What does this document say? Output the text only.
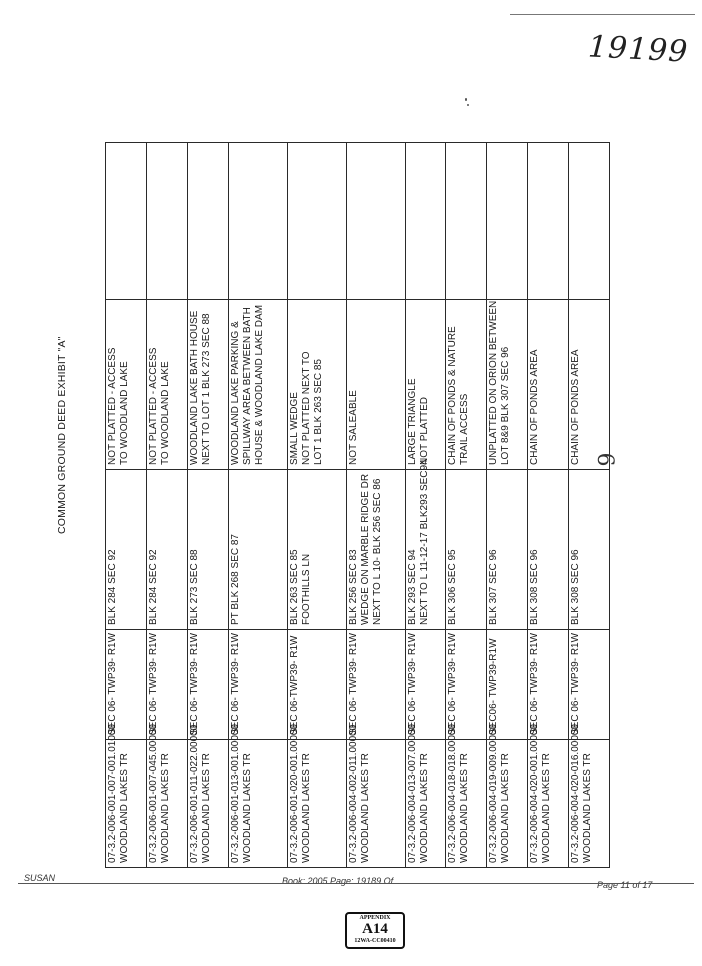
19199
COMMON GROUND DEED EXHIBIT "A"
07-3.2-006-001-007-001.01000 WOODLAND LAKES TR	SEC 06- TWP39- R1W	BLK 284 SEC 92	NOT PLATTED - ACCESS TO WOODLAND LAKE	

07-3.2-006-001-007-045.00000 WOODLAND LAKES TR	SEC 06- TWP39- R1W	BLK 284 SEC 92	NOT PLATTED - ACCESS TO WOODLAND LAKE	

07-3.2-006-001-011-022.00000 WOODLAND LAKES TR	SEC 06- TWP39- R1W	BLK 273 SEC 88	WOODLAND LAKE BATH HOUSE NEXT TO LOT 1 BLK 273 SEC 88	

07-3.2-006-001-013-001.00000 WOODLAND LAKES TR	SEC 06- TWP39- R1W	PT BLK 268 SEC 87	WOODLAND LAKE PARKING & SPILLWAY AREA BETWEEN BATH HOUSE & WOODLAND LAKE DAM	

07-3.2-006-001-020-001.00000 WOODLAND LAKES TR	SEC 06-TWP39- R1W	BLK 263 SEC 85 FOOTHILLS LN	SMALL WEDGE NOT PLATTED NEXT TO LOT 1 BLK 263 SEC 85	

07-3.2-006-004-002-011.00000 WOODLAND LAKES TR	SEC 06- TWP39- R1W	BLK 256 SEC 83 WEDGE ON MARBLE RIDGE DR NEXT TO L 10- BLK 256 SEC 86	NOT SALEABLE	

07-3.2-006-004-013-007.00000 WOODLAND LAKES TR	SEC 06- TWP39- R1W	BLK 293 SEC 94 NEXT TO L 11-12-17 BLK293 SEC94	LARGE TRIANGLE NOT PLATTED	

07-3.2-006-004-018-018.00000 WOODLAND LAKES TR	SEC 06- TWP39- R1W	BLK 306 SEC 95	CHAIN OF PONDS & NATURE TRAIL ACCESS	

07-3.2-006-004-019-009.00000 WOODLAND LAKES TR	SEC06- TWP39-R1W	BLK 307 SEC 96	UNPLATTED ON ORION BETWEEN LOT 8&9 BLK 307 SEC 96	

07-3.2-006-004-020-001.00000 WOODLAND LAKES TR	SEC 06- TWP39- R1W	BLK 308 SEC 96	CHAIN OF PONDS AREA	

07-3.2-006-004-020-016.00000 WOODLAND LAKES TR	SEC 06- TWP39- R1W	BLK 308 SEC 96	CHAIN OF PONDS AREA	
	9
SUSAN	Book: 2005 Page: 19189 Of	Page 11 of 17
APPENDIX
A14
12WA-CC00410
